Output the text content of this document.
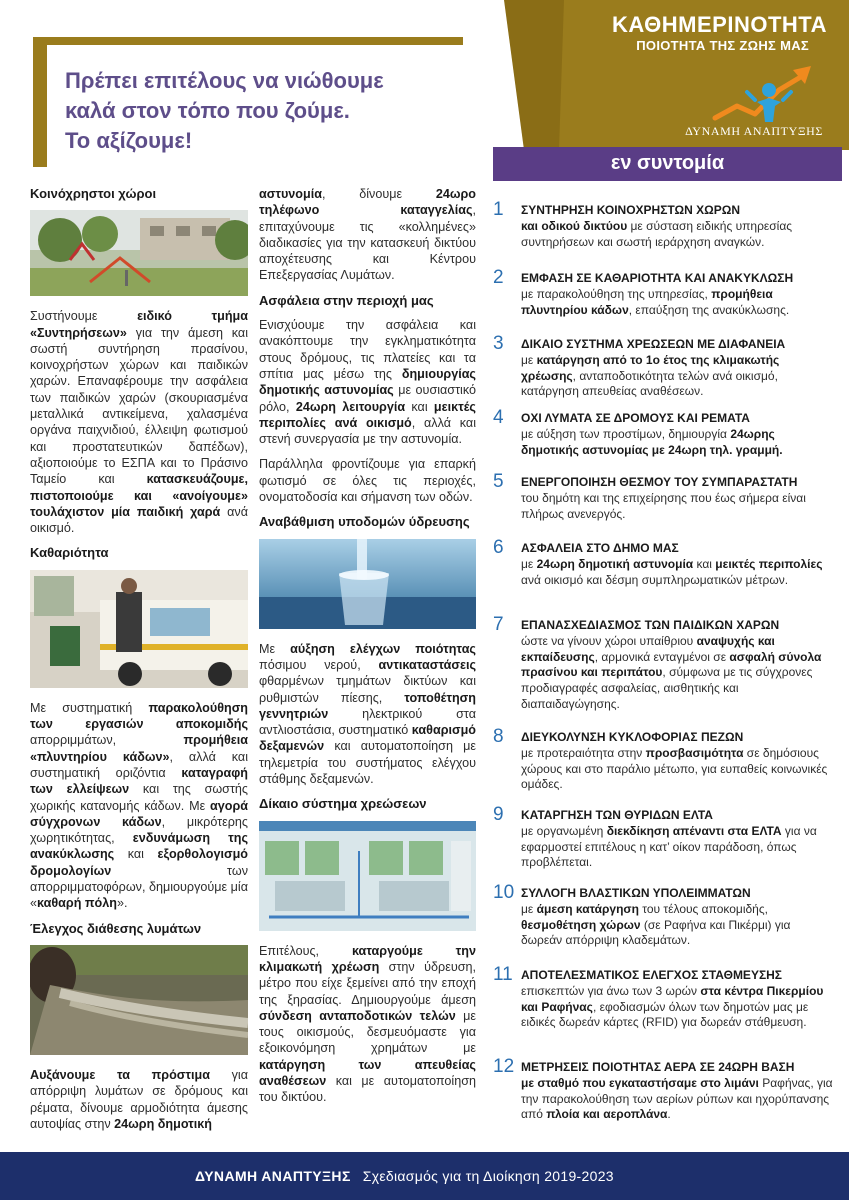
ΚΑΘΗΜΕΡΙΝΟΤΗΤΑ
ΠΟΙΟΤΗΤΑ ΤΗΣ ΖΩΗΣ ΜΑΣ
ΔΥΝΑΜΗ ΑΝΑΠΤΥΞΗΣ
Πρέπει επιτέλους να νιώθουμε
καλά στον τόπο που ζούμε.
Το αξίζουμε!
εν συντομία
Κοινόχρηστοι χώροι

Συστήνουμε ειδικό τμήμα «Συντηρήσεων» για την άμεση και σωστή συντήρηση πρασίνου, κοινοχρήστων χώρων και παιδικών χαρών. Επαναφέρουμε την ασφάλεια των παιδικών χαρών (σκουριασμένα μεταλλικά αντικείμενα, χαλασμένα οργάνα παιχνιδιού, έλλειψη φωτισμού και προστατευτικών δαπέδων), αξιοποιούμε το ΕΣΠΑ και το Πράσινο Ταμείο και κατασκευάζουμε, πιστοποιούμε και «ανοίγουμε» τουλάχιστον μία παιδική χαρά ανά οικισμό.

Καθαριότητα

Με συστηματική παρακολούθηση των εργασιών αποκομιδής απορριμμάτων, προμήθεια «πλυντηρίου κάδων», αλλά και συστηματική οριζόντια καταγραφή των ελλείψεων και της σωστής χωρικής κατανομής κάδων. Με αγορά σύγχρονων κάδων, μικρότερης χωρητικότητας, ενδυνάμωση της ανακύκλωσης και εξορθολογισμό δρομολογίων των απορριμματοφόρων, δημιουργούμε μία «καθαρή πόλη».

Έλεγχος διάθεσης λυμάτων

Αυξάνουμε τα πρόστιμα για απόρριψη λυμάτων σε δρόμους και ρέματα, δίνουμε αρμοδιότητα άμεσης αυτοψίας στην 24ωρη δημοτική

αστυνομία, δίνουμε 24ωρο τηλέφωνο καταγγελίας, επιταχύνουμε τις «κολλημένες» διαδικασίες για την κατασκευή δικτύου αποχέτευσης και Κέντρου Επεξεργασίας Λυμάτων.

Ασφάλεια στην περιοχή μας

Ενισχύουμε την ασφάλεια και ανακόπτουμε την εγκληματικότητα στους δρόμους, τις πλατείες και τα σπίτια μας μέσω της δημιουργίας δημοτικής αστυνομίας με ουσιαστικό ρόλο, 24ωρη λειτουργία και μεικτές περιπολίες ανά οικισμό, αλλά και στενή συνεργασία με την αστυνομία.

Παράλληλα φροντίζουμε για επαρκή φωτισμό σε όλες τις περιοχές, ονοματοδοσία και σήμανση των οδών.

Αναβάθμιση υποδομών ύδρευσης

Με αύξηση ελέγχων ποιότητας πόσιμου νερού, αντικαταστάσεις φθαρμένων τμημάτων δικτύων και ρυθμιστών πίεσης, τοποθέτηση γεννητριών ηλεκτρικού στα αντλιοστάσια, συστηματικό καθαρισμό δεξαμενών και αυτοματοποίηση με τηλεμετρία του συστήματος ελέγχου στάθμης δεξαμενών.

Δίκαιο σύστημα χρεώσεων

Επιτέλους, καταργούμε την κλιμακωτή χρέωση στην ύδρευση, μέτρο που είχε ξεμείνει από την εποχή της ξηρασίας. Δημιουργούμε άμεση σύνδεση ανταποδοτικών τελών με τους οικισμούς, δεσμευόμαστε για εξοικονόμηση χρημάτων με κατάργηση των απευθείας αναθέσεων και με αυτοματοποίηση του δικτύου.

1 ΣΥΝΤΗΡΗΣΗ ΚΟΙΝΟΧΡΗΣΤΩΝ ΧΩΡΩΝ
και οδικού δικτύου με σύσταση ειδικής υπηρεσίας συντηρήσεων και σωστή ιεράρχηση αναγκών.
2 ΕΜΦΑΣΗ ΣΕ ΚΑΘΑΡΙΟΤΗΤΑ ΚΑΙ ΑΝΑΚΥΚΛΩΣΗ
με παρακολούθηση της υπηρεσίας, προμήθεια πλυντηρίου κάδων, επαύξηση της ανακύκλωσης.
3 ΔΙΚΑΙΟ ΣΥΣΤΗΜΑ ΧΡΕΩΣΕΩΝ ΜΕ ΔΙΑΦΑΝΕΙΑ
με κατάργηση από το 1ο έτος της κλιμακωτής χρέωσης, ανταποδοτικότητα τελών ανά οικισμό, κατάργηση απευθείας αναθέσεων.
4 ΟΧΙ ΛΥΜΑΤΑ ΣΕ ΔΡΟΜΟΥΣ ΚΑΙ ΡΕΜΑΤΑ
με αύξηση των προστίμων, δημιουργία 24ωρης δημοτικής αστυνομίας με 24ωρη τηλ. γραμμή.
5 ΕΝΕΡΓΟΠΟΙΗΣΗ ΘΕΣΜΟΥ ΤΟΥ ΣΥΜΠΑΡΑΣΤΑΤΗ
του δημότη και της επιχείρησης που έως σήμερα είναι πλήρως ανενεργός.
6 ΑΣΦΑΛΕΙΑ ΣΤΟ ΔΗΜΟ ΜΑΣ
με 24ωρη δημοτική αστυνομία και μεικτές περιπολίες ανά οικισμό και δέσμη συμπληρωματικών μέτρων.
7 ΕΠΑΝΑΣΧΕΔΙΑΣΜΟΣ ΤΩΝ ΠΑΙΔΙΚΩΝ ΧΑΡΩΝ
ώστε να γίνουν χώροι υπαίθριου αναψυχής και εκπαίδευσης, αρμονικά ενταγμένοι σε ασφαλή σύνολα πρασίνου και περιπάτου, σύμφωνα με τις σύγχρονες προδιαγραφές ασφαλείας, αισθητικής και διαπαιδαγώγησης.
8 ΔΙΕΥΚΟΛΥΝΣΗ ΚΥΚΛΟΦΟΡΙΑΣ ΠΕΖΩΝ
με προτεραιότητα στην προσβασιμότητα σε δημόσιους χώρους και στο παράλιο μέτωπο, για ευπαθείς κοινωνικές ομάδες.
9 ΚΑΤΑΡΓΗΣΗ ΤΩΝ ΘΥΡΙΔΩΝ ΕΛΤΑ
με οργανωμένη διεκδίκηση απέναντι στα ΕΛΤΑ για να εφαρμοστεί επιτέλους η κατ’ οίκον παράδοση, όπως προβλέπεται.
10 ΣΥΛΛΟΓΗ ΒΛΑΣΤΙΚΩΝ ΥΠΟΛΕΙΜΜΑΤΩΝ
με άμεση κατάργηση του τέλους αποκομιδής, θεσμοθέτηση χώρων (σε Ραφήνα και Πικέρμι) για δωρεάν απόρριψη κλαδεμάτων.
11 ΑΠΟΤΕΛΕΣΜΑΤΙΚΟΣ ΕΛΕΓΧΟΣ ΣΤΑΘΜΕΥΣΗΣ
επισκεπτών για άνω των 3 ωρών στα κέντρα Πικερμίου και Ραφήνας, εφοδιασμών όλων των δημοτών μας με ειδικές δωρεάν κάρτες (RFID) για δωρεάν στάθμευση.
12 ΜΕΤΡΗΣΕΙΣ ΠΟΙΟΤΗΤΑΣ ΑΕΡΑ ΣΕ 24ΩΡΗ ΒΑΣΗ
με σταθμό που εγκαταστήσαμε στο λιμάνι Ραφήνας, για την παρακολούθηση των αερίων ρύπων και ηχορύπανσης από πλοία και αεροπλάνα.
ΔΥΝΑΜΗ ΑΝΑΠΤΥΞΗΣ Σχεδιασμός για τη Διοίκηση 2019-2023
